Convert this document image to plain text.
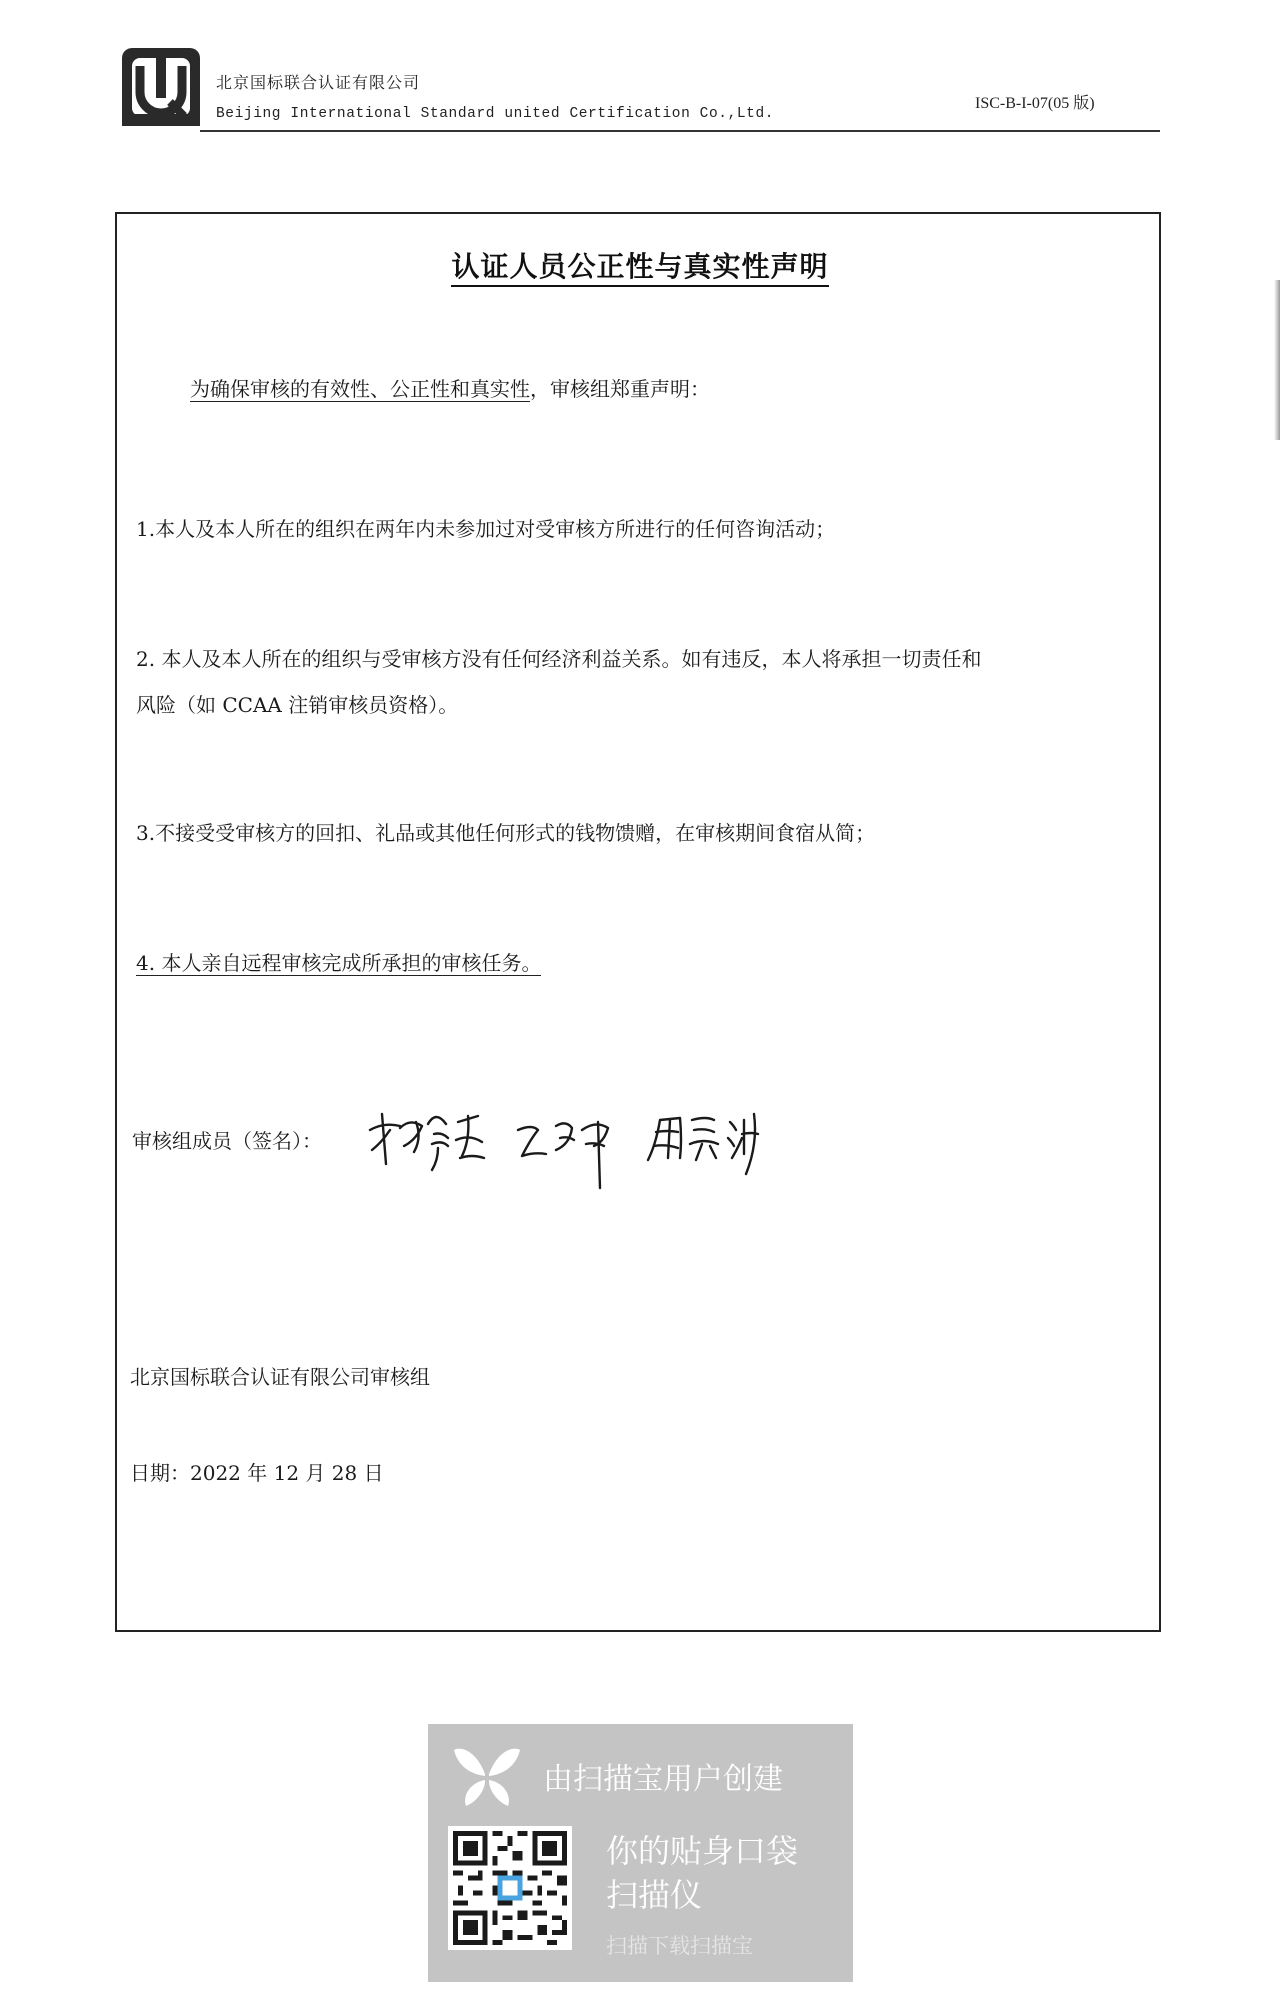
北京国标联合认证有限公司
Beijing International Standard united Certification Co.,Ltd.
ISC-B-I-07(05 版)
认证人员公正性与真实性声明
为确保审核的有效性、公正性和真实性，审核组郑重声明：
1.本人及本人所在的组织在两年内未参加过对受审核方所进行的任何咨询活动；
2. 本人及本人所在的组织与受审核方没有任何经济利益关系。如有违反，本人将承担一切责任和
风险（如 CCAA 注销审核员资格）。
3.不接受受审核方的回扣、礼品或其他任何形式的钱物馈赠，在审核期间食宿从简；
4. 本人亲自远程审核完成所承担的审核任务。
审核组成员（签名）：
北京国标联合认证有限公司审核组
日期：2022 年 12 月 28 日
由扫描宝用户创建
你的贴身口袋
扫描仪
扫描下载扫描宝
